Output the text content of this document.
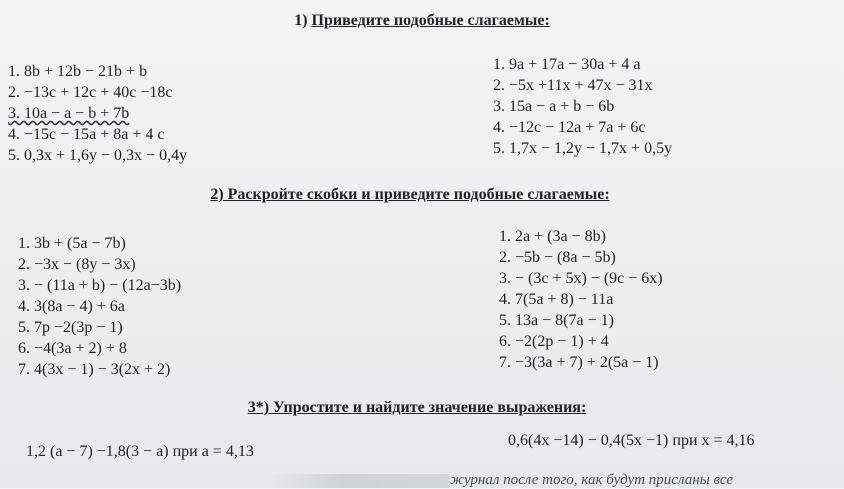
1) Приведите подобные слагаемые:
1. 8b + 12b − 21b + b
2. −13c + 12c + 40c −18c
3. 10a − a − b + 7b
4. −15c − 15a + 8a + 4 c
5. 0,3x + 1,6y − 0,3x − 0,4y
1. 9a + 17a − 30a + 4 a
2. −5x +11x + 47x − 31x
3. 15a − a + b − 6b
4. −12c − 12a + 7a + 6c
5. 1,7x − 1,2y − 1,7x + 0,5y
2) Раскройте скобки и приведите подобные слагаемые:
1. 3b + (5a − 7b)
2. −3x − (8y − 3x)
3. − (11a + b) − (12a−3b)
4. 3(8a − 4) + 6a
5. 7p −2(3p − 1)
6. −4(3a + 2) + 8
7. 4(3x − 1) − 3(2x + 2)
1. 2a + (3a − 8b)
2. −5b − (8a − 5b)
3. − (3c + 5x) − (9c − 6x)
4. 7(5a + 8) − 11a
5. 13a − 8(7a − 1)
6. −2(2p − 1) + 4
7. −3(3a + 7) + 2(5a − 1)
3*) Упростите и найдите значение выражения:
1,2 (a − 7) −1,8(3 − a) при a = 4,13
0,6(4x −14) − 0,4(5x −1) при x = 4,16
журнал после того, как будут присланы все
